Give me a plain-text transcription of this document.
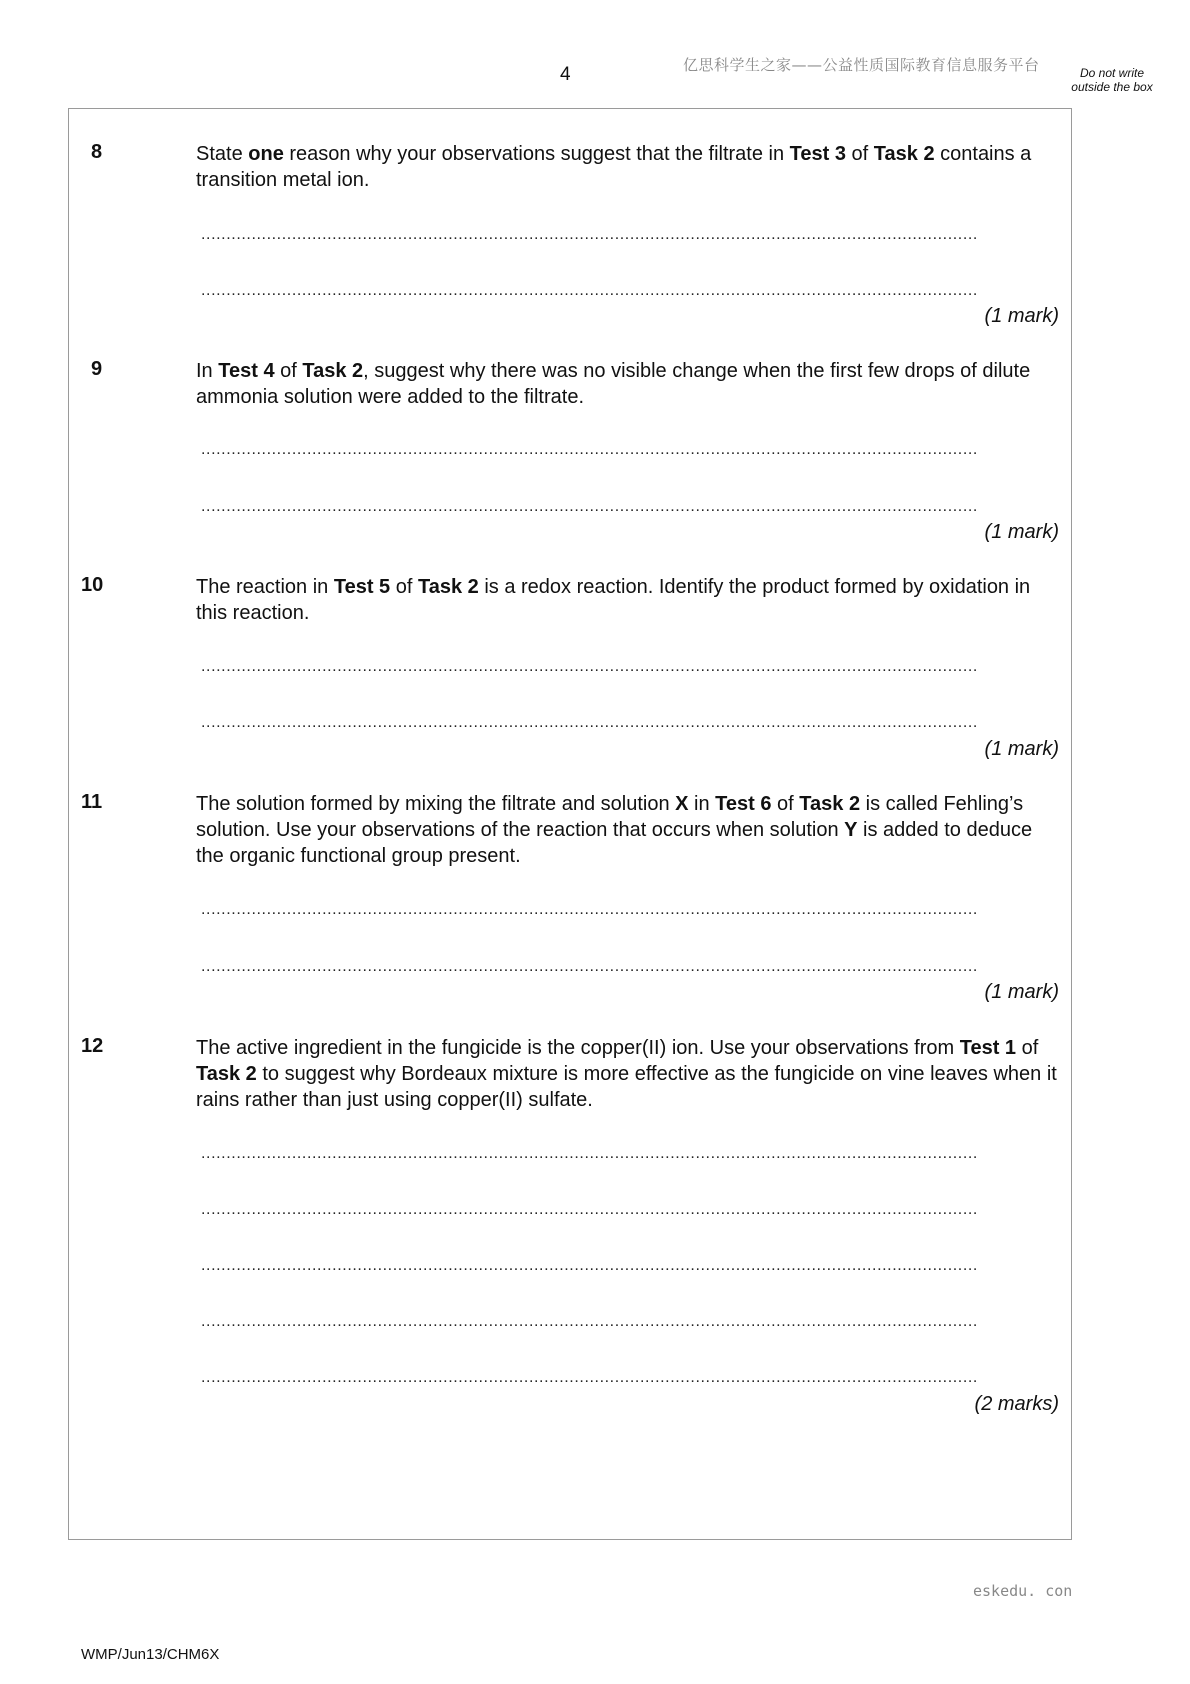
4	亿思科学生之家——公益性质国际教育信息服务平台	Do not write outside the box
8	State one reason why your observations suggest that the filtrate in Test 3 of Task 2 contains a transition metal ion.
..........................................................................................................................................................
..........................................................................................................................................................
(1 mark)
9	In Test 4 of Task 2, suggest why there was no visible change when the first few drops of dilute ammonia solution were added to the filtrate.
..........................................................................................................................................................
..........................................................................................................................................................
(1 mark)
10	The reaction in Test 5 of Task 2 is a redox reaction. Identify the product formed by oxidation in this reaction.
..........................................................................................................................................................
..........................................................................................................................................................
(1 mark)
11	The solution formed by mixing the filtrate and solution X in Test 6 of Task 2 is called Fehling’s solution. Use your observations of the reaction that occurs when solution Y is added to deduce the organic functional group present.
..........................................................................................................................................................
..........................................................................................................................................................
(1 mark)
12	The active ingredient in the fungicide is the copper(II) ion. Use your observations from Test 1 of Task 2 to suggest why Bordeaux mixture is more effective as the fungicide on vine leaves when it rains rather than just using copper(II) sulfate.
..........................................................................................................................................................
..........................................................................................................................................................
..........................................................................................................................................................
..........................................................................................................................................................
..........................................................................................................................................................
(2 marks)
eskedu. con
WMP/Jun13/CHM6X
